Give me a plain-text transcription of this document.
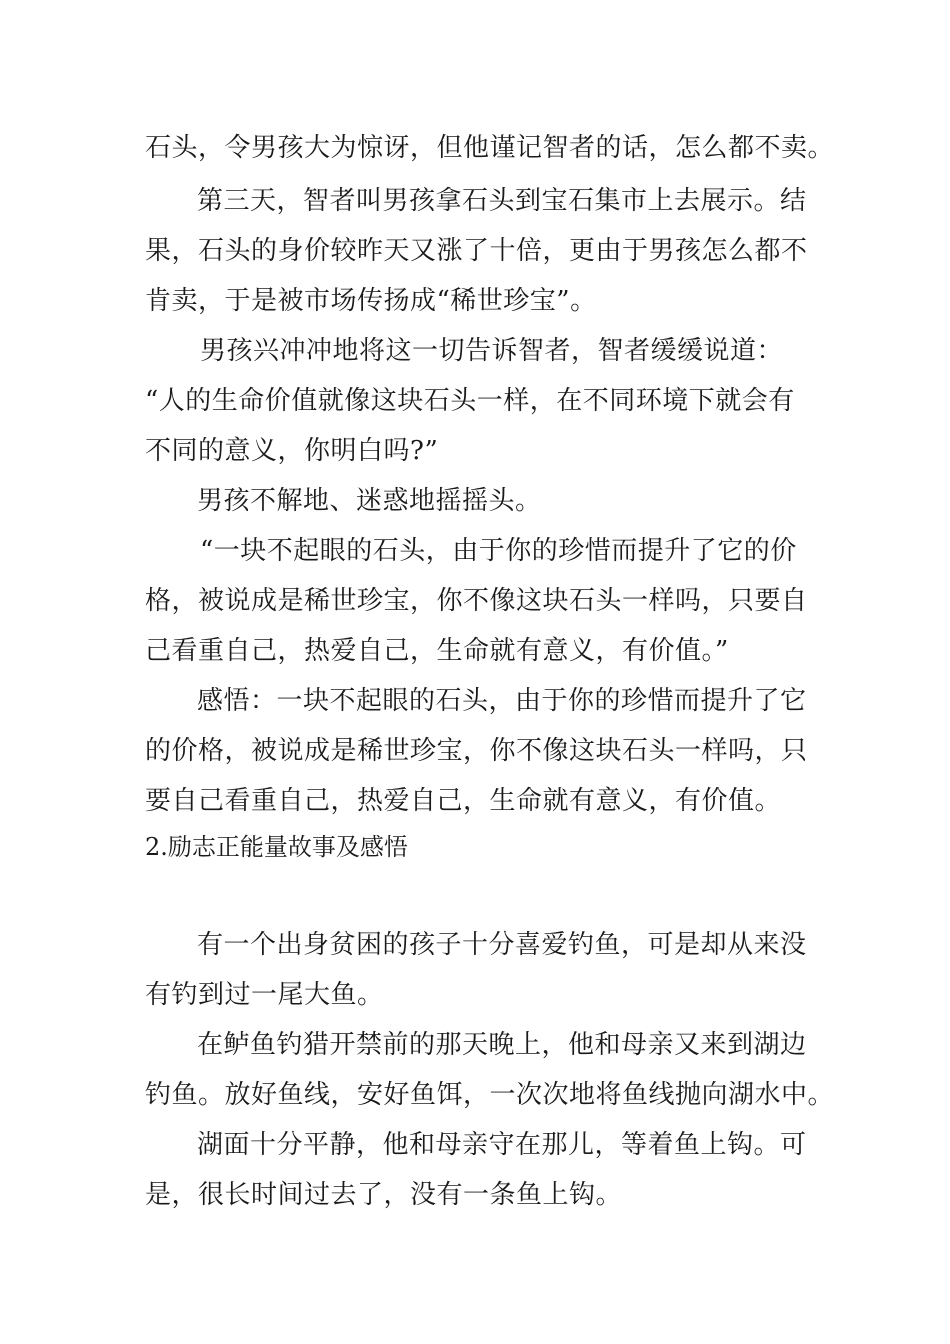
石头，令男孩大为惊讶，但他谨记智者的话，怎么都不卖。
第三天，智者叫男孩拿石头到宝石集市上去展示。结
果，石头的身价较昨天又涨了十倍，更由于男孩怎么都不
肯卖，于是被市场传扬成“稀世珍宝”。
男孩兴冲冲地将这一切告诉智者，智者缓缓说道：
“人的生命价值就像这块石头一样，在不同环境下就会有
不同的意义，你明白吗?”
男孩不解地、迷惑地摇摇头。
“一块不起眼的石头，由于你的珍惜而提升了它的价
格，被说成是稀世珍宝，你不像这块石头一样吗，只要自
己看重自己，热爱自己，生命就有意义，有价值。”
感悟：一块不起眼的石头，由于你的珍惜而提升了它
的价格，被说成是稀世珍宝，你不像这块石头一样吗，只
要自己看重自己，热爱自己，生命就有意义，有价值。
2.励志正能量故事及感悟
有一个出身贫困的孩子十分喜爱钓鱼，可是却从来没
有钓到过一尾大鱼。
在鲈鱼钓猎开禁前的那天晚上，他和母亲又来到湖边
钓鱼。放好鱼线，安好鱼饵，一次次地将鱼线抛向湖水中。
湖面十分平静，他和母亲守在那儿，等着鱼上钩。可
是，很长时间过去了，没有一条鱼上钩。
